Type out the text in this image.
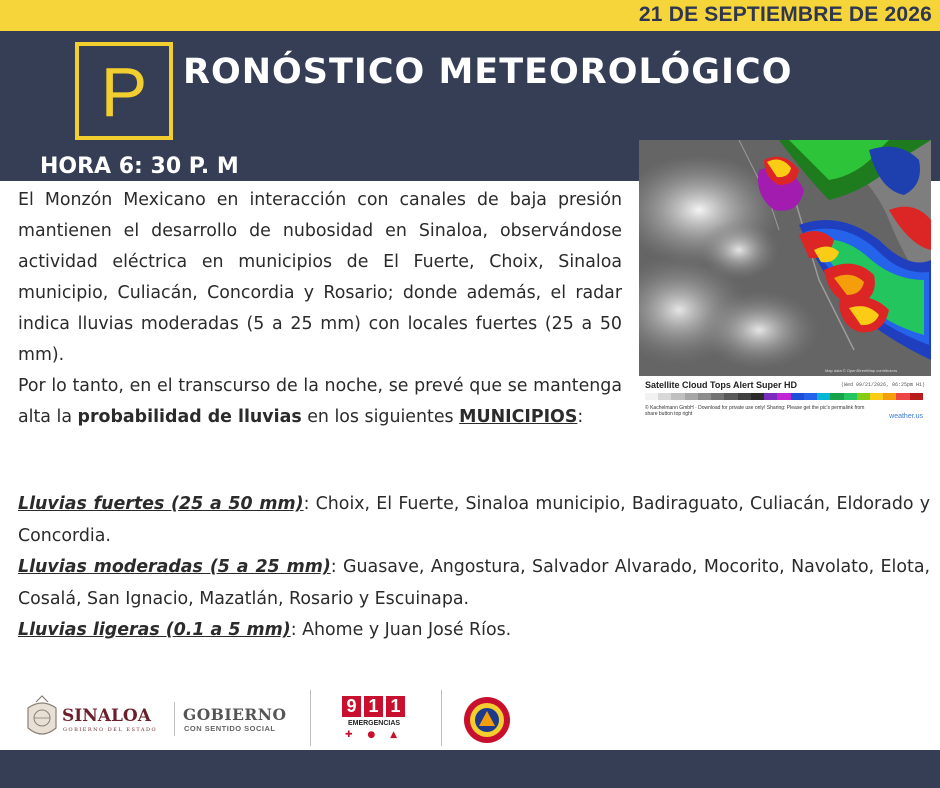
21 DE SEPTIEMBRE DE 2026
P	RONÓSTICO METEOROLÓGICO
HORA 6: 30 P. M
Map data © OpenStreetMap contributors
Satellite Cloud Tops Alert Super HD	(Wed 09/21/2026, 06:25pm H1)
© Kachelmann GmbH · Download for private use only! Sharing: Please get the pic's permalink from share button top right	weather.us

El Monzón Mexicano en interacción con canales de baja presión mantienen el desarrollo de nubosidad en Sinaloa, observándose actividad eléctrica en municipios de El Fuerte, Choix, Sinaloa municipio, Culiacán, Concordia y Rosario; donde además, el radar indica lluvias moderadas (5 a 25 mm) con locales fuertes (25 a 50 mm).

Por lo tanto, en el transcurso de la noche, se prevé que se mantenga alta la probabilidad de lluvias en los siguientes MUNICIPIOS:

Lluvias fuertes (25 a 50 mm): Choix, El Fuerte, Sinaloa municipio, Badiraguato, Culiacán, Eldorado y Concordia.

Lluvias moderadas (5 a 25 mm): Guasave, Angostura, Salvador Alvarado, Mocorito, Navolato, Elota, Cosalá, San Ignacio, Mazatlán, Rosario y Escuinapa.

Lluvias ligeras (0.1 a 5 mm): Ahome y Juan José Ríos.

SINALOA
GOBIERNO DEL ESTADO
GOBIERNO
CON SENTIDO SOCIAL
9 1 1
EMERGENCIAS
✚ ● ▲
